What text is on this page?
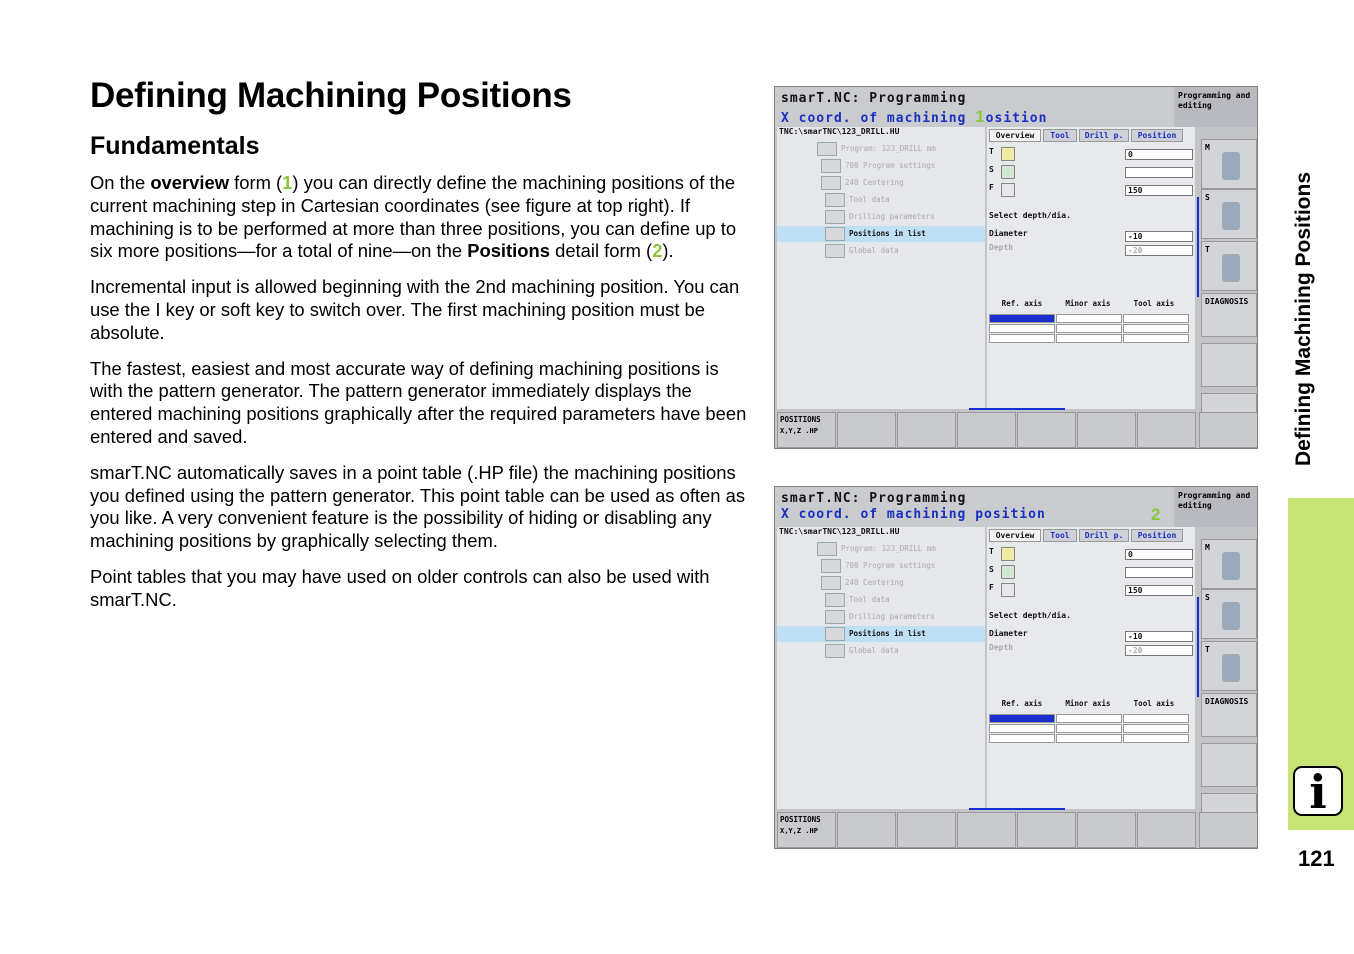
Defining Machining Positions
Fundamentals

On the overview form (1) you can directly define the machining positions of the current machining step in Cartesian coordinates (see figure at top right). If machining is to be performed at more than three positions, you can define up to six more positions—for a total of nine—on the Positions detail form (2).

Incremental input is allowed beginning with the 2nd machining position. You can use the I key or soft key to switch over. The first machining position must be absolute.

The fastest, easiest and most accurate way of defining machining positions is with the pattern generator. The pattern generator immediately displays the entered machining positions graphically after the required parameters have been entered and saved.

smarT.NC automatically saves in a point table (.HP file) the machining positions you defined using the pattern generator. This point table can be used as often as you like. A very convenient feature is the possibility of hiding or disabling any machining positions by graphically selecting them.

Point tables that you may have used on older controls can also be used with smarT.NC.

smarT.NC: Programming
X coord. of machining 1osition
Programming and editing
TNC:\smarTNC\123_DRILL.HU
Program: 123_DRILL mm
700 Program settings
240 Centering
Tool data
Drilling parameters
Positions in list
Global data
Overview	Tool	Drill p.	Position
T	0
S
F	150
Select depth/dia.
Diameter	-10
Depth	-20
Ref. axis	Minor axis	Tool axis
M
S
T
DIAGNOSIS
POSITIONS
X,Y,Z .HP
smarT.NC: Programming
X coord. of machining position	2
Programming and editing
TNC:\smarTNC\123_DRILL.HU
Program: 123_DRILL mm
700 Program settings
240 Centering
Tool data
Drilling parameters
Positions in list
Global data
Overview	Tool	Drill p.	Position
T	0
S
F	150
Select depth/dia.
Diameter	-10
Depth	-20
Ref. axis	Minor axis	Tool axis
M
S
T
DIAGNOSIS
POSITIONS
X,Y,Z .HP
Defining Machining Positions
i
121
